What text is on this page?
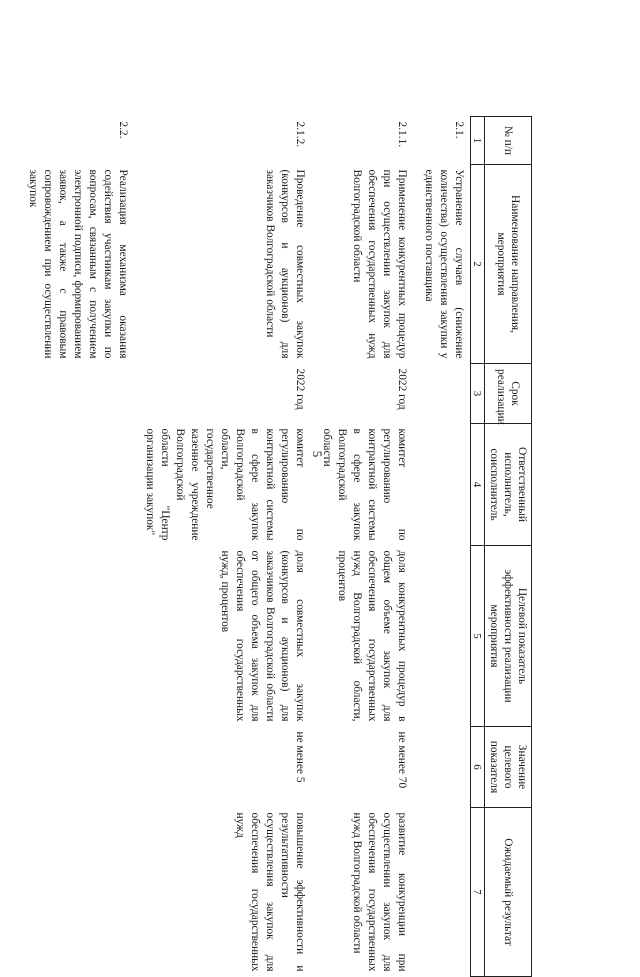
5
№ п/п	Наименование направления, мероприятия	Срок реализации	Ответственный исполнитель, соисполнитель	Целевой показатель эффективности реализации мероприятия	Значение целевого показателя	Ожидаемый результат
1	2	3	4	5	6	7
2.1.	Устранение случаев (снижение количества) осуществления закупки у единственного поставщика					
2.1.1.	Применение конкурентных процедур при осуществлении закупок для обеспечения государственных нужд Волгоградской области	2022 год	комитет по регулированию контрактной системы в сфере закупок Волгоградской области	доля конкурентных процедур в общем объеме закупок для обеспечения государственных нужд Волгоградской области, процентов	не менее 70	развитие конкуренции при осуществлении закупок для обеспечения государственных нужд Волгоградской области
2.1.2.	Проведение совместных закупок (конкурсов и аукционов) для заказчиков Волгоградской области	2022 год	комитет по регулированию контрактной системы в сфере закупок Волгоградской области, государственное казенное учреждение Волгоградской области "Центр организации закупок"	доля совместных закупок (конкурсов и аукционов) для заказчиков Волгоградской области от общего объема закупок для обеспечения государственных нужд, процентов	не менее 5	повышение эффективности и результативности осуществления закупок для обеспечения государственных нужд
2.2.	Реализация механизма оказания содействия участникам закупки по вопросам, связанным с получением электронной подписи, формированием заявок, а также с правовым сопровождением при осуществлении закупок					
